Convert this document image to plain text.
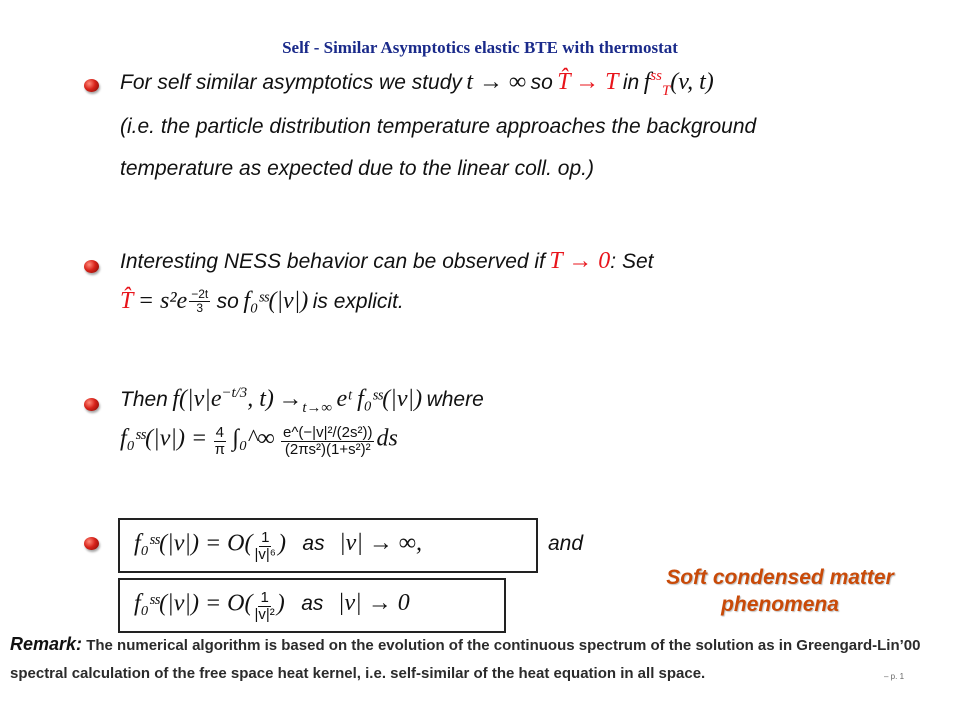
Self - Similar Asymptotics elastic BTE with thermostat
For self similar asymptotics we study t → ∞ so T̂ → T in $f^{ss}_T(v$, t)
(i.e. the particle distribution temperature approaches the background
temperature as expected due to the linear coll. op.)
Interesting NESS behavior can be observed if T → 0: Set
T̂ = $s^2e \frac{-2t}{3}$ so f₀ˢˢ(|v|) is explicit.
Then $f(|v|e^{-t/3}$, $t) \to_{t\to\infty}$ eᵗ f₀ˢˢ(|v|) where
f₀ˢˢ(|v|) = $\frac{4}{\pi}$ ∫₀^∞ $\frac{\text{e\textasciicircum{}(−|v|²/(2s²))}}{\text{(2πs²)(1+s²)²}}$ ds
f₀ˢˢ(|v|) = $O( \frac{1}{\text{|v|⁶}}$ ) as |v| → ∞,	and
f₀ˢˢ(|v|) = $O( \frac{1}{\text{|v|²}}$ ) as |v| → 0
Soft condensed matter
phenomena
Remark: The numerical algorithm is based on the evolution of the continuous spectrum of the solution as in Greengard-Lin’00 spectral calculation of the free space heat kernel, i.e. self-similar of the heat equation in all space.	– p. 1
